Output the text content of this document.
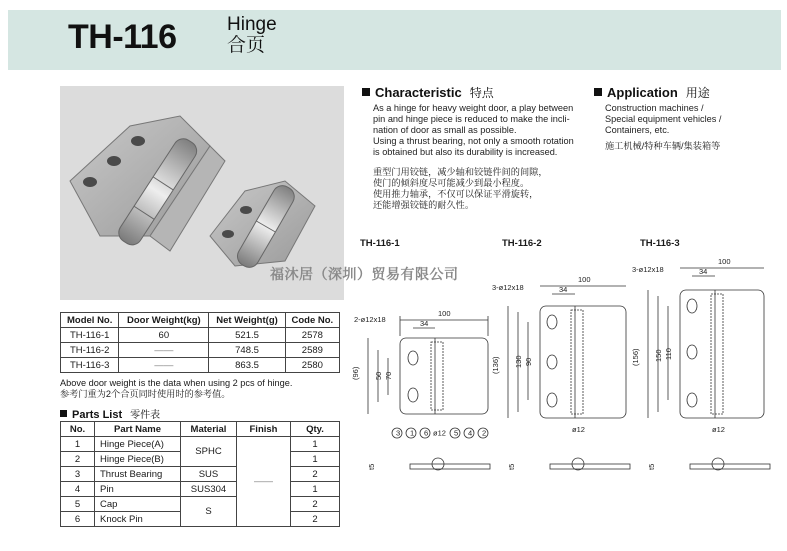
TH-116	Hinge
合页
福沐居（深圳）贸易有限公司
Characteristic 特点
As a hinge for heavy weight door, a play between
pin and hinge piece is reduced to make the incli-
nation of door as small as possible.
Using a thrust bearing, not only a smooth rotation
is obtained but also its durability is increased.
重型门用铰链，减少轴和铰链件间的间隙，
使门的倾斜度尽可能减少到最小程度。
使用推力轴承，不仅可以保证平滑旋转，
还能增强铰链的耐久性。
Application 用途
Construction machines /
Special equipment vehicles /
Containers, etc.
施工机械/特种车辆/集装箱等
Model No.	Door Weight(kg)	Net Weight(g)	Code No.
TH-116-1	60	521.5	2578
TH-116-2	——	748.5	2589
TH-116-3	——	863.5	2580
Above door weight is the data when using 2 pcs of hinge.
参考门重为2个合页同时使用时的参考值。
Parts List 零件表
No.	Part Name	Material	Finish	Qty.
1	Hinge Piece(A)	SPHC	——	1
2	Hinge Piece(B)			1
3	Thrust Bearing	SUS		2
4	Pin	SUS304		1
5	Cap	S		2
6	Knock Pin			2
TH-116-1	TH-116-2	TH-116-3
100
34
2-ø12x18
(96) 50 70
3 1 6 ø12 5 4 2
t5
100
34
3-ø12x18
(136) 130 90
ø12
t5
100
34
3-ø12x18
(156) 150 110
ø12
t5
